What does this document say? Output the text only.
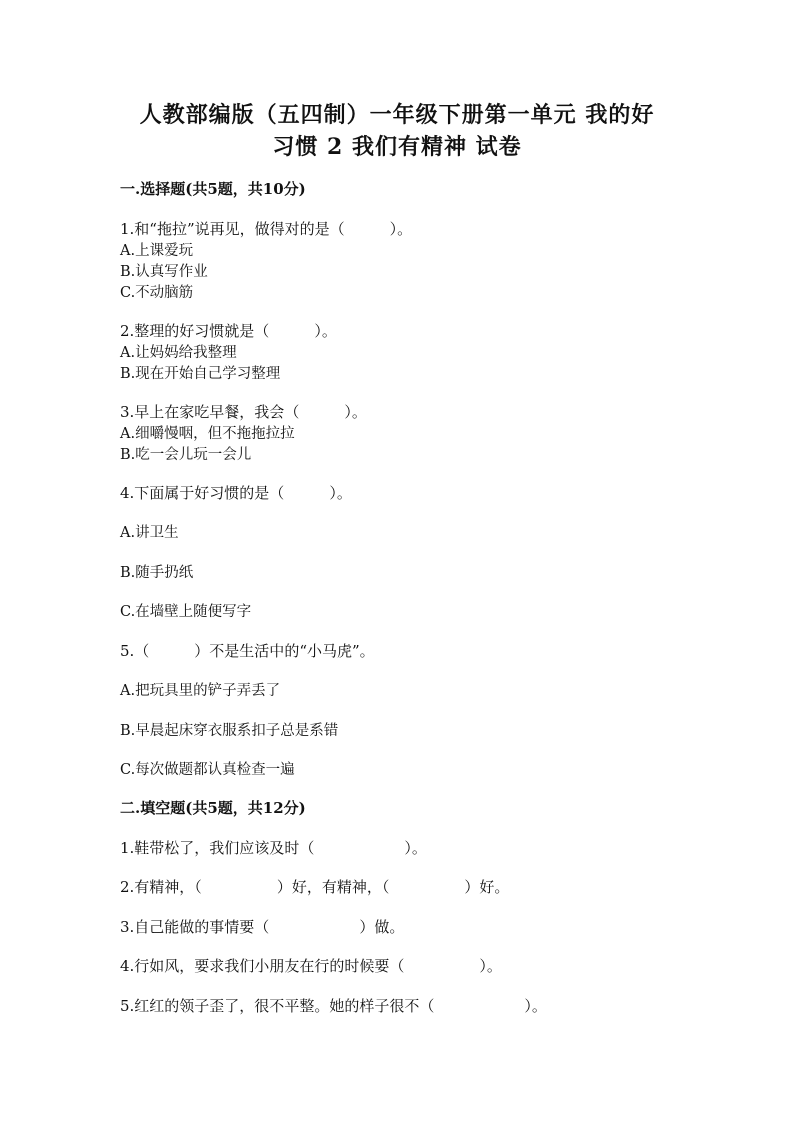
人教部编版（五四制）一年级下册第一单元 我的好
习惯 2 我们有精神 试卷
一.选择题(共5题，共10分)
1.和“拖拉”说再见，做得对的是（　　　）。
A.上课爱玩
B.认真写作业
C.不动脑筋
2.整理的好习惯就是（　　　）。
A.让妈妈给我整理
B.现在开始自己学习整理
3.早上在家吃早餐，我会（　　　）。
A.细嚼慢咽，但不拖拖拉拉
B.吃一会儿玩一会儿
4.下面属于好习惯的是（　　　）。
A.讲卫生
B.随手扔纸
C.在墙壁上随便写字
5.（　　　）不是生活中的“小马虎”。
A.把玩具里的铲子弄丢了
B.早晨起床穿衣服系扣子总是系错
C.每次做题都认真检查一遍
二.填空题(共5题，共12分)
1.鞋带松了，我们应该及时（　　　　　　）。
2.有精神，（　　　　　）好，有精神，（　　　　　）好。
3.自己能做的事情要（　　　　　　）做。
4.行如风，要求我们小朋友在行的时候要（　　　　　）。
5.红红的领子歪了，很不平整。她的样子很不（　　　　　　）。
